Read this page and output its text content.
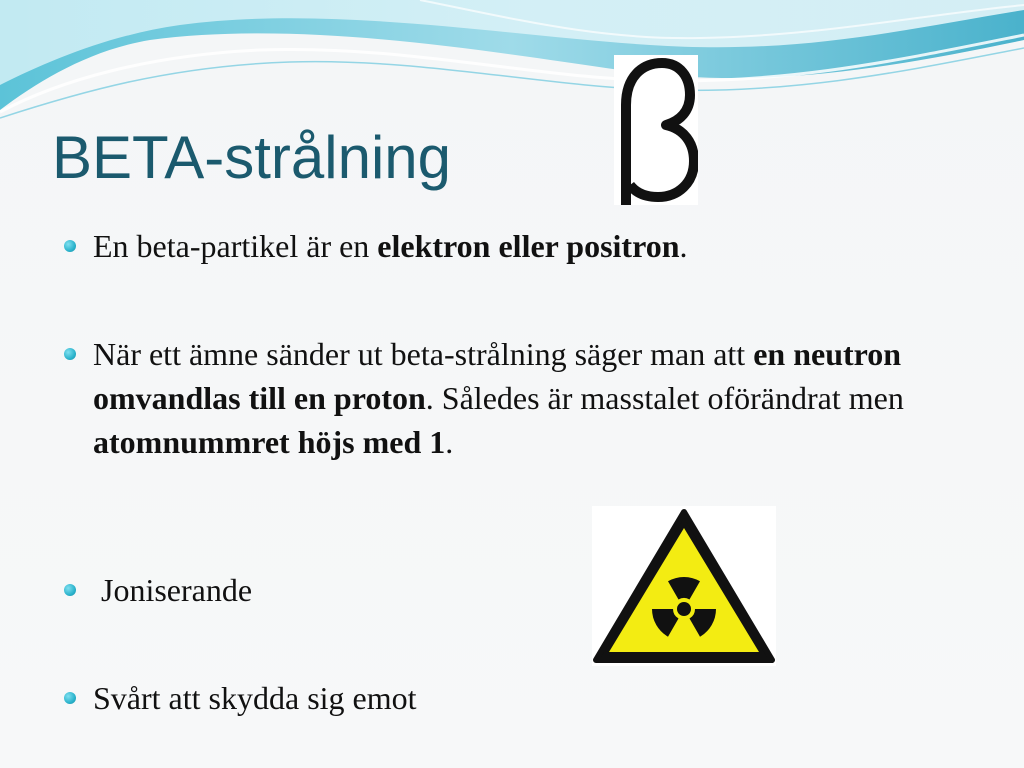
BETA-strålning
En beta-partikel är en elektron eller positron.
När ett ämne sänder ut beta-strålning säger man att en neutron omvandlas till en proton. Således är masstalet oförändrat men atomnummret höjs med 1.
Joniserande
Svårt att skydda sig emot
